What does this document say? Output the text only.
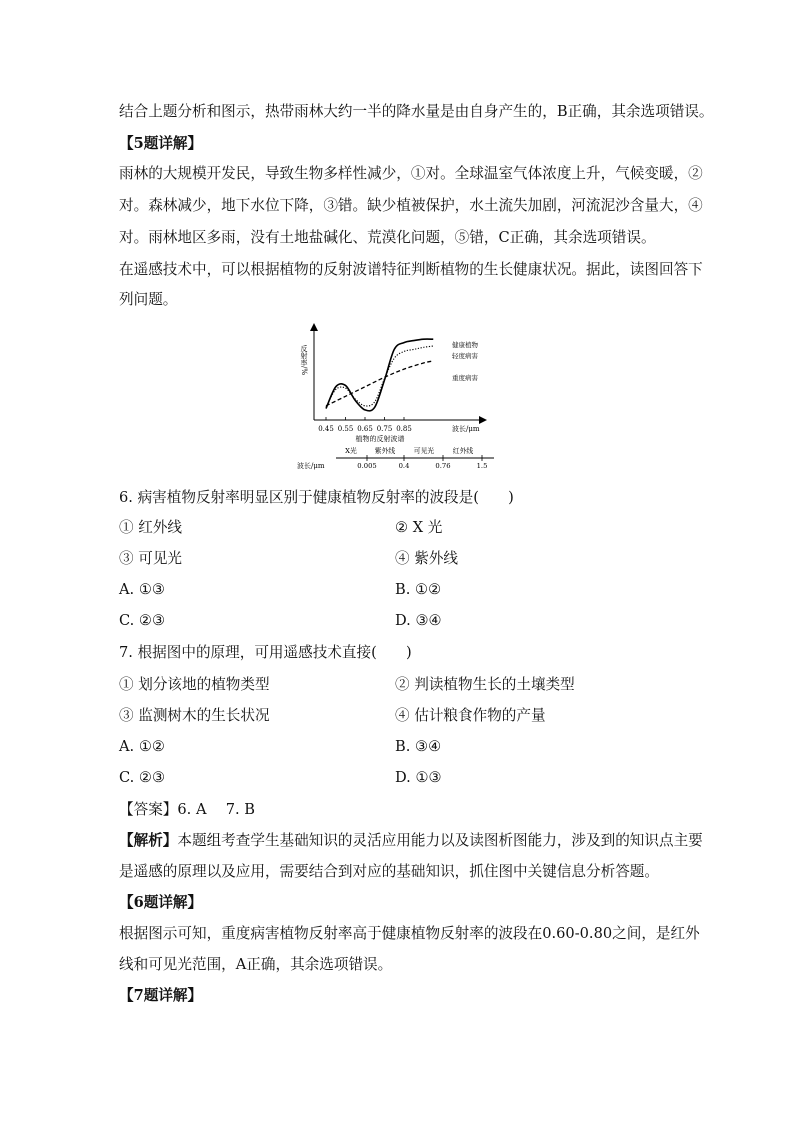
结合上题分析和图示，热带雨林大约一半的降水量是由自身产生的，B正确，其余选项错误。
【5题详解】
雨林的大规模开发民，导致生物多样性减少，①对。全球温室气体浓度上升，气候变暖，②
对。森林减少，地下水位下降，③错。缺少植被保护，水土流失加剧，河流泥沙含量大，④
对。雨林地区多雨，没有土地盐碱化、荒漠化问题，⑤错，C正确，其余选项错误。
在遥感技术中，可以根据植物的反射波谱特征判断植物的生长健康状况。据此，读图回答下
列问题。
反射率/%
波长/μm
0.45 0.55 0.65 0.75 0.85
植物的反射波谱
健康植物
轻度病害
重度病害
波长/μm
X光	紫外线	可见光	红外线
0.005	0.4	0.76	1.5
6. 病害植物反射率明显区别于健康植物反射率的波段是(　　)
① 红外线	② X 光
③ 可见光	④ 紫外线
A. ①③	B. ①②
C. ②③	D. ③④
7. 根据图中的原理，可用遥感技术直接(　　)
① 划分该地的植物类型	② 判读植物生长的土壤类型
③ 监测树木的生长状况	④ 估计粮食作物的产量
A. ①②	B. ③④
C. ②③	D. ①③
【答案】6. A　 7. B
【解析】本题组考查学生基础知识的灵活应用能力以及读图析图能力，涉及到的知识点主要
是遥感的原理以及应用，需要结合到对应的基础知识，抓住图中关键信息分析答题。
【6题详解】
根据图示可知，重度病害植物反射率高于健康植物反射率的波段在0.60-0.80之间，是红外
线和可见光范围，A正确，其余选项错误。
【7题详解】
